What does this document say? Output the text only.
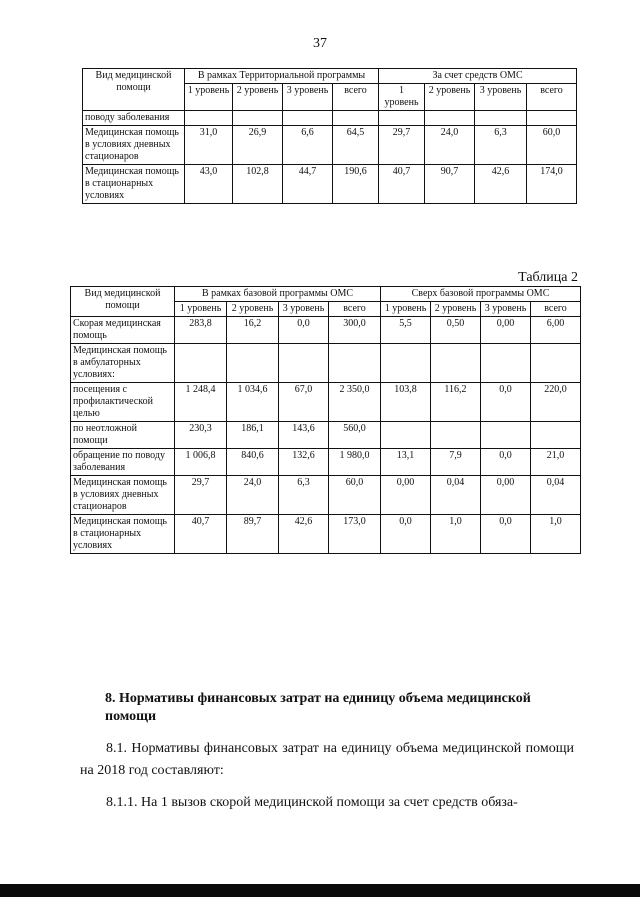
37
Вид медицинской помощи	В рамках Территориальной программы				За счет средств ОМС			
	1 уровень	2 уровень	3 уровень	всего	1 уровень	2 уровень	3 уровень	всего
поводу заболевания								
Медицинская помощь в условиях дневных стационаров	31,0	26,9	6,6	64,5	29,7	24,0	6,3	60,0
Медицинская помощь в стационарных условиях	43,0	102,8	44,7	190,6	40,7	90,7	42,6	174,0
Таблица 2
Вид медицинской помощи	В рамках базовой программы ОМС				Сверх базовой программы ОМС			
	1 уровень	2 уровень	3 уровень	всего	1 уровень	2 уровень	3 уровень	всего
Скорая медицинская помощь	283,8	16,2	0,0	300,0	5,5	0,50	0,00	6,00
Медицинская помощь в амбулаторных условиях:								
посещения с профилактической целью	1 248,4	1 034,6	67,0	2 350,0	103,8	116,2	0,0	220,0
по неотложной помощи	230,3	186,1	143,6	560,0				
обращение по поводу заболевания	1 006,8	840,6	132,6	1 980,0	13,1	7,9	0,0	21,0
Медицинская помощь в условиях дневных стационаров	29,7	24,0	6,3	60,0	0,00	0,04	0,00	0,04
Медицинская помощь в стационарных условиях	40,7	89,7	42,6	173,0	0,0	1,0	0,0	1,0
8. Нормативы финансовых затрат на единицу объема медицинской помощи
8.1. Нормативы финансовых затрат на единицу объема медицинской помощи на 2018 год составляют:
8.1.1. На 1 вызов скорой медицинской помощи за счет средств обяза-
